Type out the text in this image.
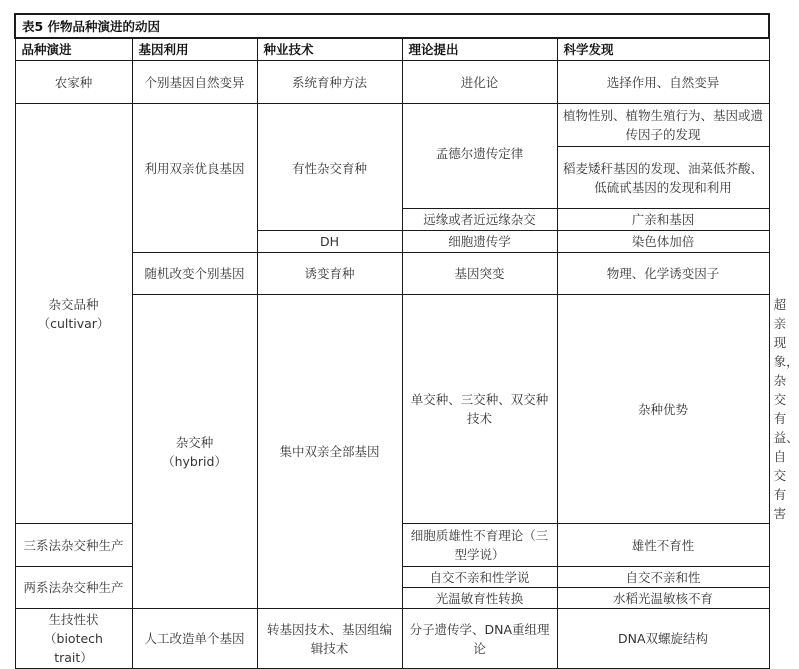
表5 作物品种演进的动因					
品种演进	基因利用	种业技术	理论提出	科学发现	
农家种	个别基因自然变异	系统育种方法	进化论	选择作用、自然变异	
杂交品种（cultivar）	利用双亲优良基因	有性杂交育种	孟德尔遗传定律	植物性别、植物生殖行为、基因或遗传因子的发现	
				稻麦矮秆基因的发现、油菜低芥酸、低硫甙基因的发现和利用	
			远缘或者近远缘杂交	广亲和基因	
		DH	细胞遗传学	染色体加倍	
	随机改变个别基因	诱变育种	基因突变	物理、化学诱变因子	
	杂交种（hybrid）	集中双亲全部基因	单交种、三交种、双交种技术	杂种优势	超亲现象，杂交有益、自交有害
三系法杂交种生产			细胞质雄性不育理论（三型学说）	雄性不育性	
两系法杂交种生产			自交不亲和性学说	自交不亲和性	
			光温敏育性转换	水稻光温敏核不育	
生技性状（biotech trait）	人工改造单个基因	转基因技术、基因组编辑技术	分子遗传学、DNA重组理论	DNA双螺旋结构	
